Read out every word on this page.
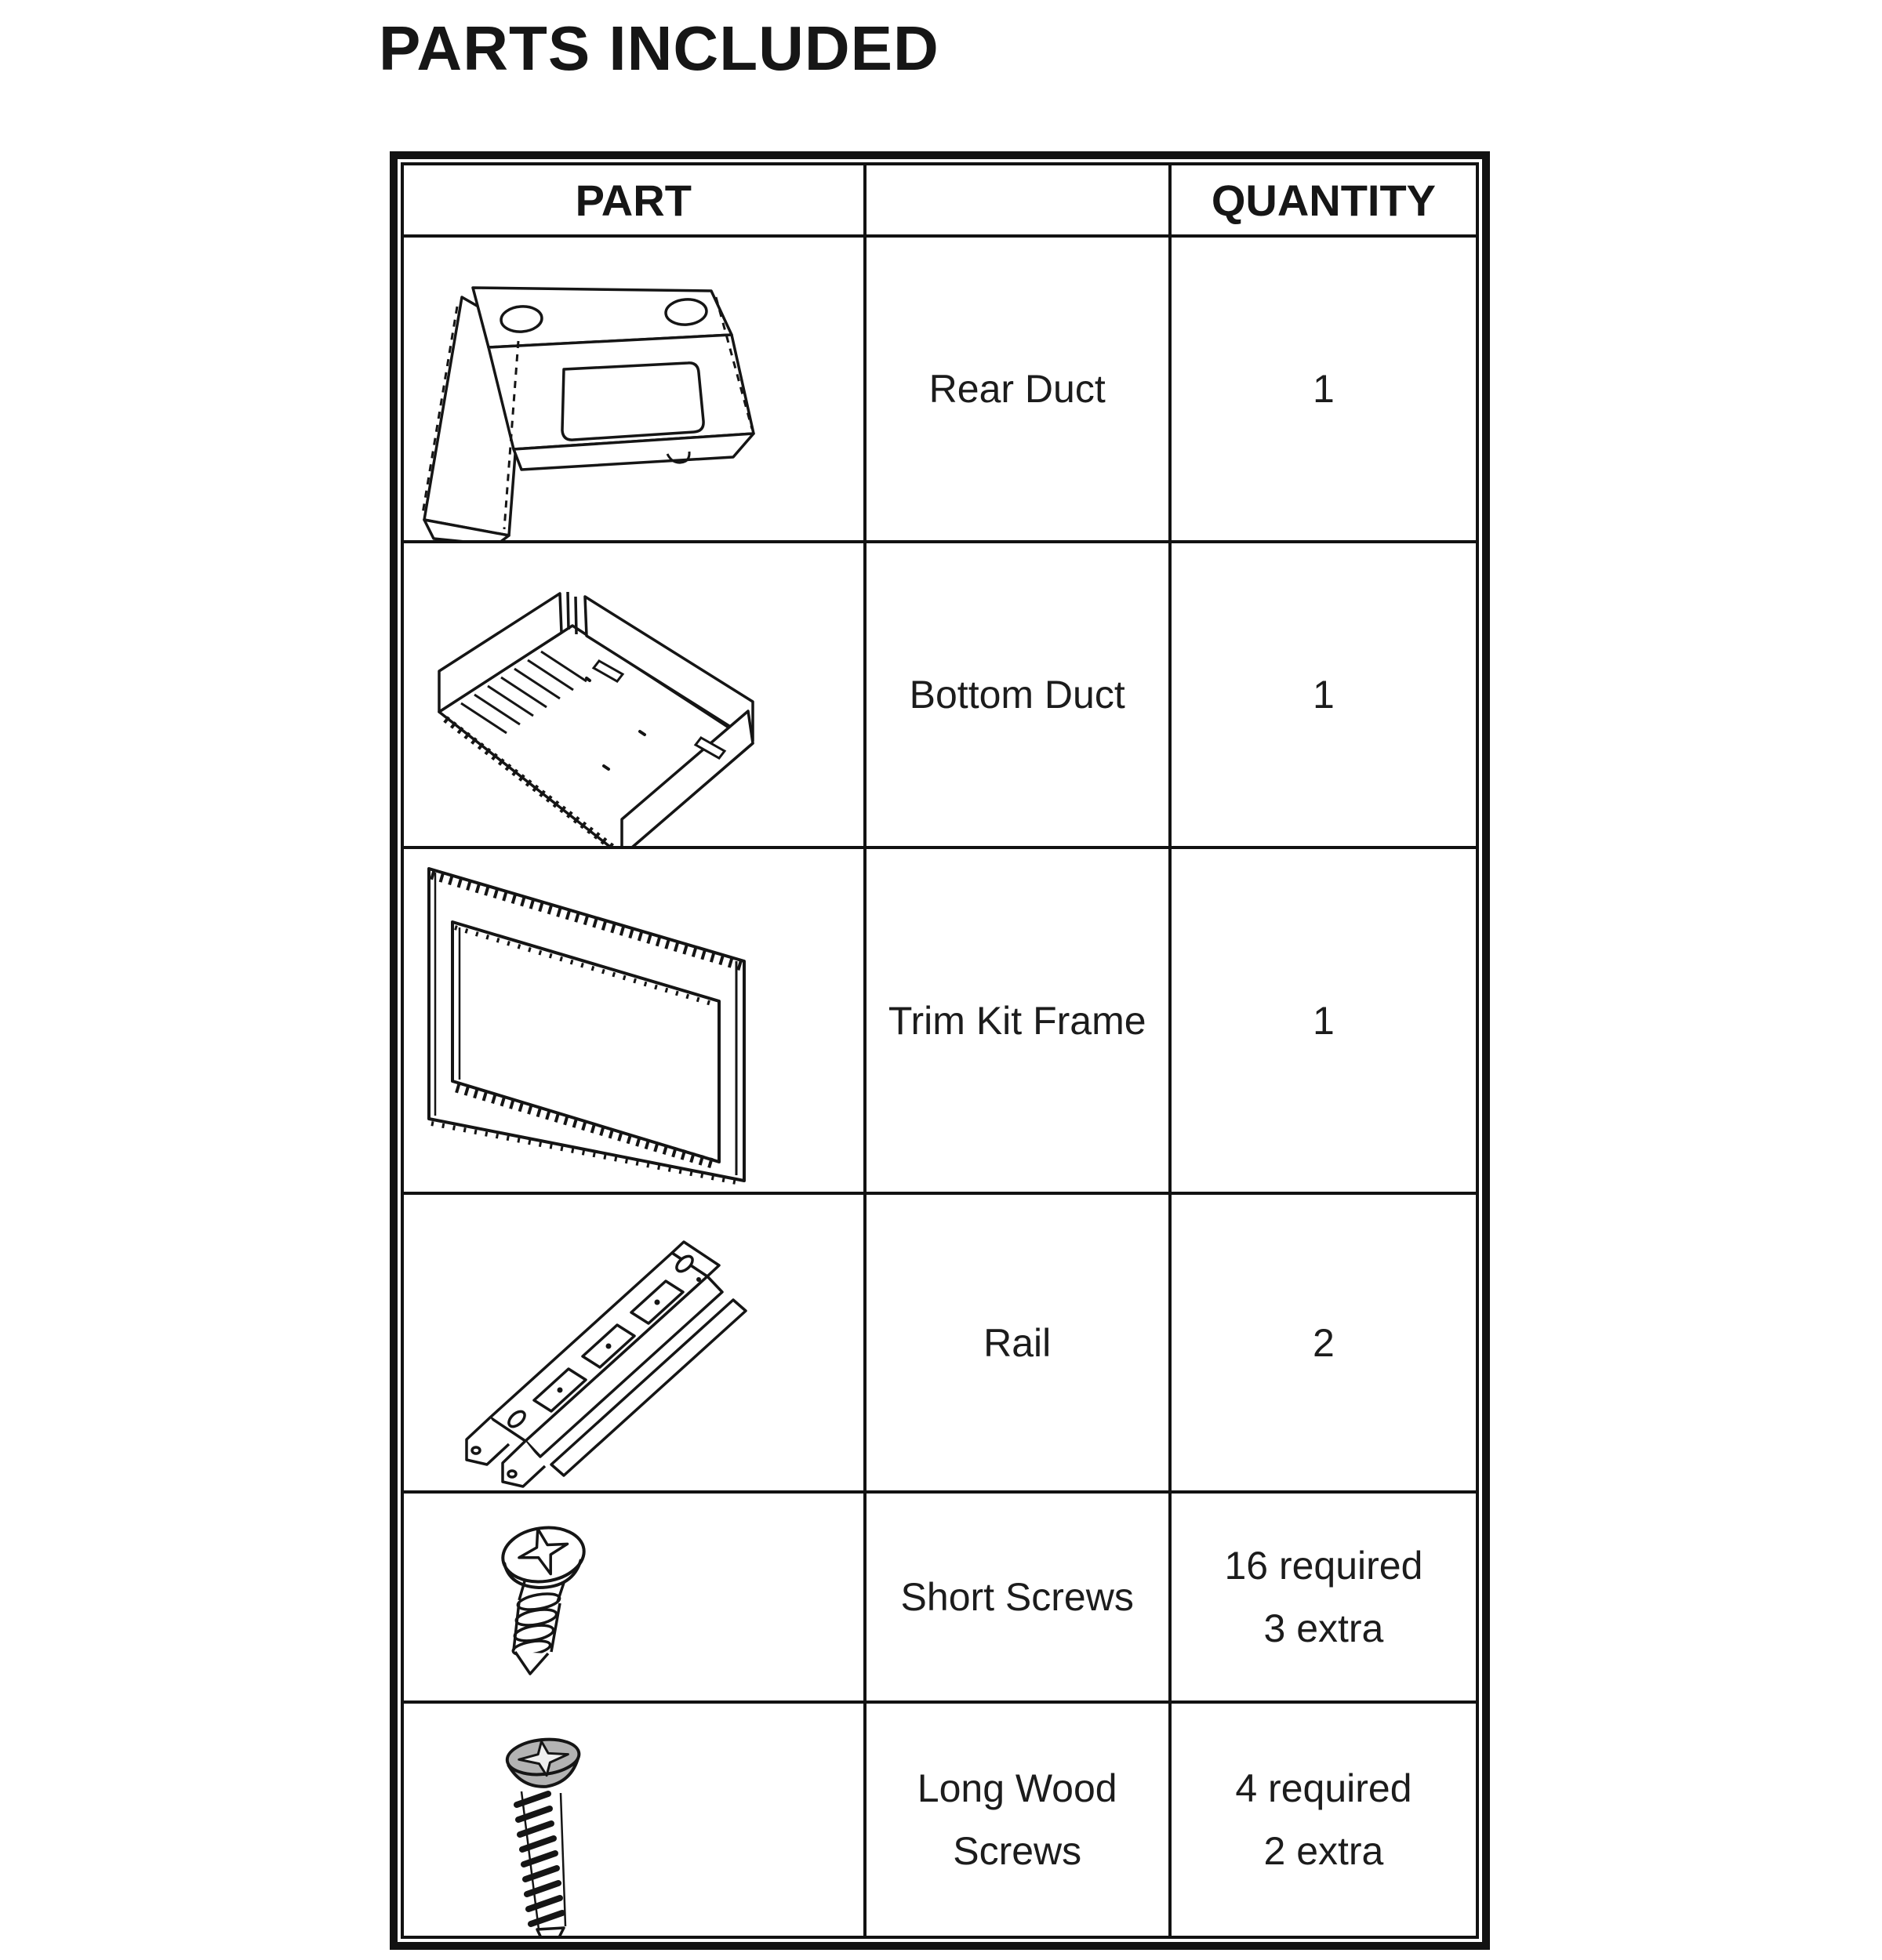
PARTS INCLUDED
PART		QUANTITY

Rear Duct	1

Bottom Duct	1

Trim Kit Frame	1

Rail	2

Short Screws	16 required
3 extra

Long Wood
Screws	4 required
2 extra
